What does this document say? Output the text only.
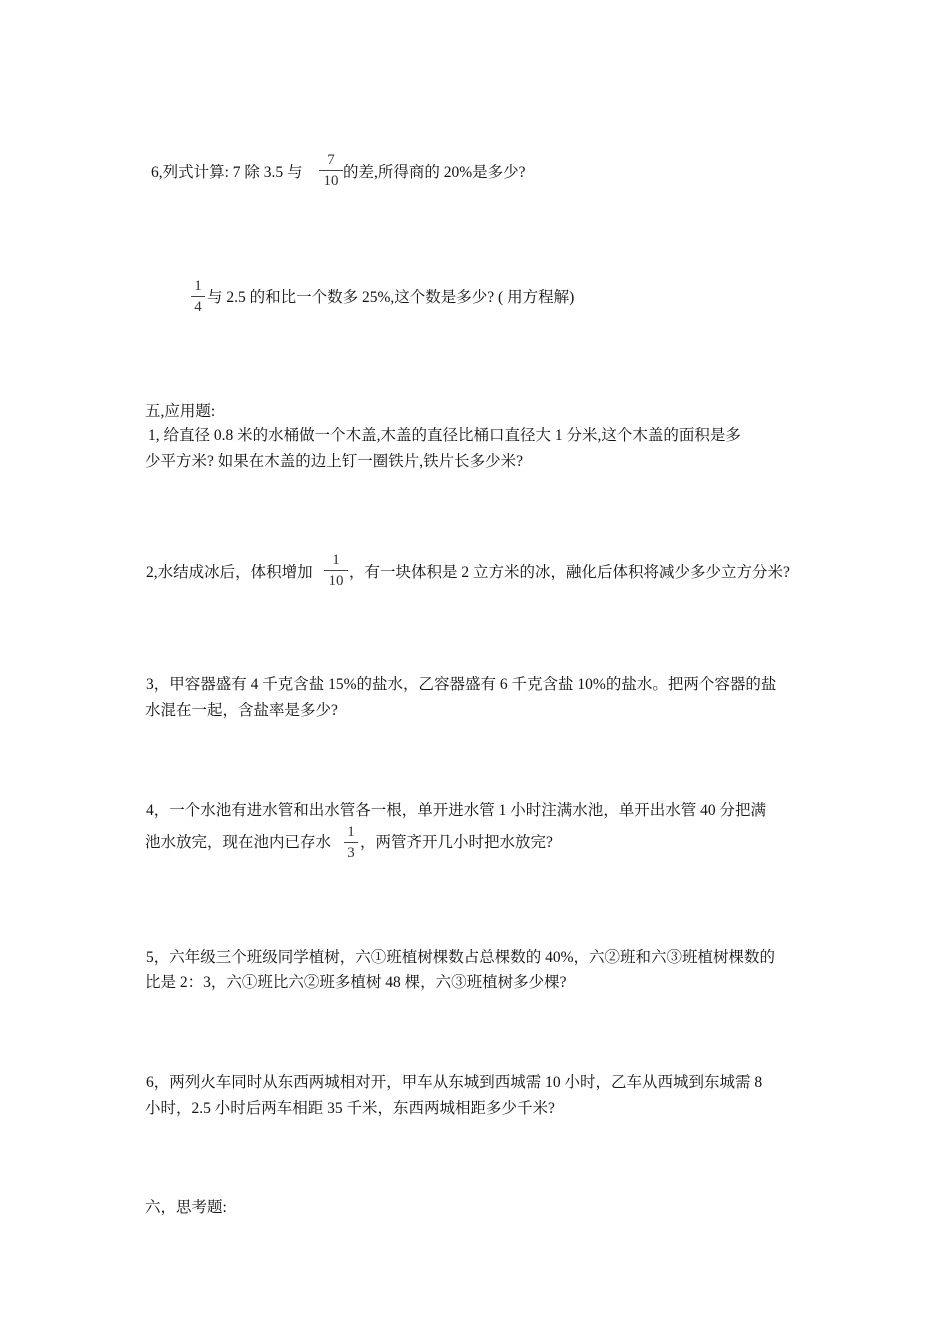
6,列式计算: 7 除 3.5 与
7
10 的差,所得商的 20%是多少?
1
4
与 2.5 的和比一个数多 25%,这个数是多少? ( 用方程解)
五,应用题:
1, 给直径 0.8 米的水桶做一个木盖,木盖的直径比桶口直径大 1 分米,这个木盖的面积是多
少平方米? 如果在木盖的边上钉一圈铁片,铁片长多少米?
2,水结成冰后，体积增加
1
10 ，有一块体积是 2 立方米的冰，融化后体积将减少多少立方分米?
3，甲容器盛有 4 千克含盐 15%的盐水，乙容器盛有 6 千克含盐 10%的盐水。把两个容器的盐
水混在一起，含盐率是多少?
4，一个水池有进水管和出水管各一根，单开进水管 1 小时注满水池，单开出水管 40 分把满
池水放完，现在池内已存水
1
3
，两管齐开几小时把水放完?
5，六年级三个班级同学植树，六①班植树棵数占总棵数的 40%，六②班和六③班植树棵数的
比是 2：3，六①班比六②班多植树 48 棵，六③班植树多少棵?
6，两列火车同时从东西两城相对开，甲车从东城到西城需 10 小时，乙车从西城到东城需 8
小时，2.5 小时后两车相距 35 千米，东西两城相距多少千米?
六，思考题:
